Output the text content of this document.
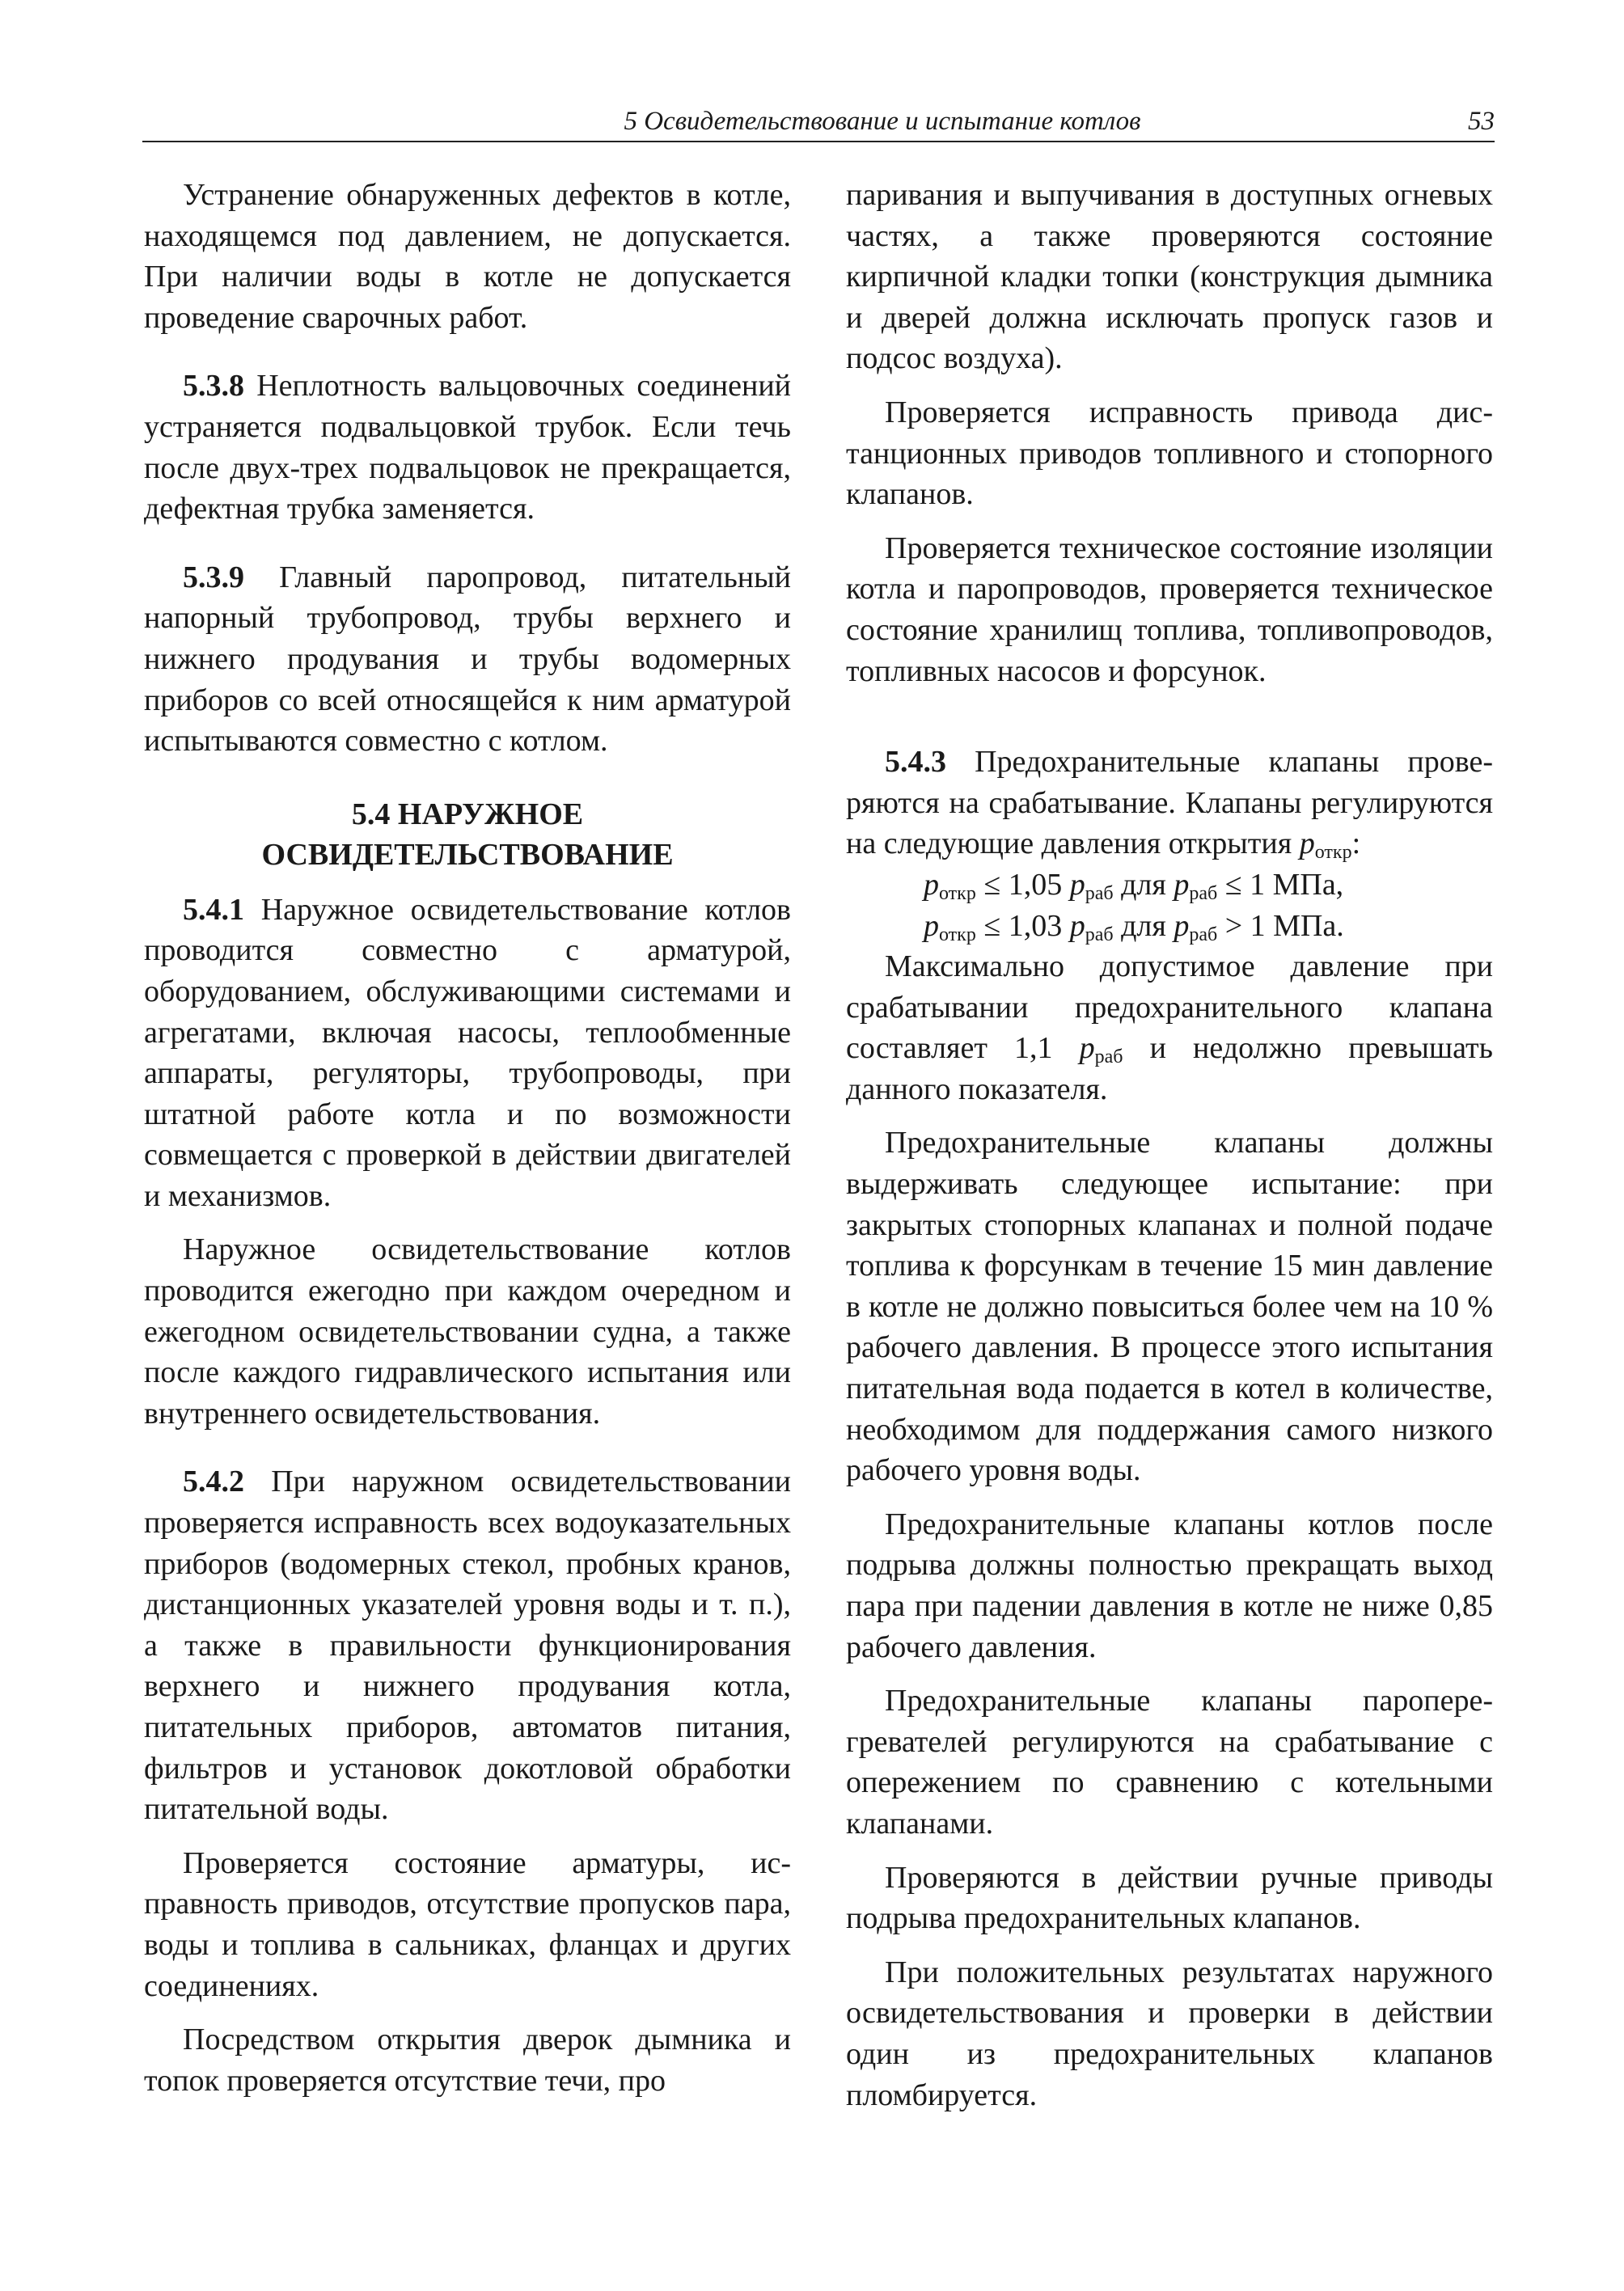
5 Освидетельствование и испытание котлов	53

Устранение обнаруженных дефектов в котле, находящемся под давлением, не допускается. При наличии воды в котле не допускается проведение сварочных работ.

5.3.8 Неплотность вальцовочных соединений устраняется подвальцовкой трубок. Если течь после двух-трех подвальцовок не прекращается, дефектная трубка заменяется.

5.3.9 Главный паропровод, питательный напорный трубопровод, трубы верхнего и нижнего продувания и трубы водомерных приборов со всей относящейся к ним арматурой испытываются совместно с котлом.

5.4 НАРУЖНОЕ
ОСВИДЕТЕЛЬСТВОВАНИЕ

5.4.1 Наружное освидетельствование котлов проводится совместно с арматурой, оборудованием, обслуживающими системами и агрегатами, включая насосы, теплообменные аппараты, регуляторы, трубопроводы, при штатной работе котла и по возможности совмещается с проверкой в действии двигателей и механизмов.

Наружное освидетельствование котлов проводится ежегодно при каждом очередном и ежегодном освидетельствовании судна, а также после каждого гидравлического испытания или внутреннего освидетельствования.

5.4.2 При наружном освидетельствовании проверяется исправность всех водоуказательных приборов (водомерных стекол, пробных кранов, дистанционных указателей уровня воды и т. п.), а также в правильности функционирования верхнего и нижнего продувания котла, питательных приборов, автоматов питания, фильтров и установок докотловой обработки питательной воды.

Проверяется состояние арматуры, исправность приводов, отсутствие пропусков пара, воды и топлива в сальниках, фланцах и других соединениях.

Посредством открытия дверок дымника и топок проверяется отсутствие течи, про

паривания и выпучивания в доступных огневых частях, а также проверяются состояние кирпичной кладки топки (конструкция дымника и дверей должна исключать пропуск газов и подсос воздуха).

Проверяется исправность привода дистанционных приводов топливного и стопорного клапанов.

Проверяется техническое состояние изоляции котла и паропроводов, проверяется техническое состояние хранилищ топлива, топливопроводов, топливных насосов и форсунок.

5.4.3 Предохранительные клапаны проверяются на срабатывание. Клапаны регулируются на следующие давления открытия $p_{откр}$:

$p_{откр} \le 1,05$ $p_{раб}$ для $p_{раб} \le 1$ МПа,

$p_{откр} \le 1,03$ $p_{раб}$ для $p_{раб} > 1$ МПа.

Максимально допустимое давление при срабатывании предохранительного клапана составляет 1,1 $p_{раб}$ и недолжно превышать данного показателя.

Предохранительные клапаны должны выдерживать следующее испытание: при закрытых стопорных клапанах и полной подаче топлива к форсункам в течение 15 мин давление в котле не должно повыситься более чем на 10 % рабочего давления. В процессе этого испытания питательная вода подается в котел в количестве, необходимом для поддержания самого низкого рабочего уровня воды.

Предохранительные клапаны котлов после подрыва должны полностью прекращать выход пара при падении давления в котле не ниже 0,85 рабочего давления.

Предохранительные клапаны пароперегревателей регулируются на срабатывание с опережением по сравнению с котельными клапанами.

Проверяются в действии ручные приводы подрыва предохранительных клапанов.

При положительных результатах наружного освидетельствования и проверки в действии один из предохранительных клапанов пломбируется.
